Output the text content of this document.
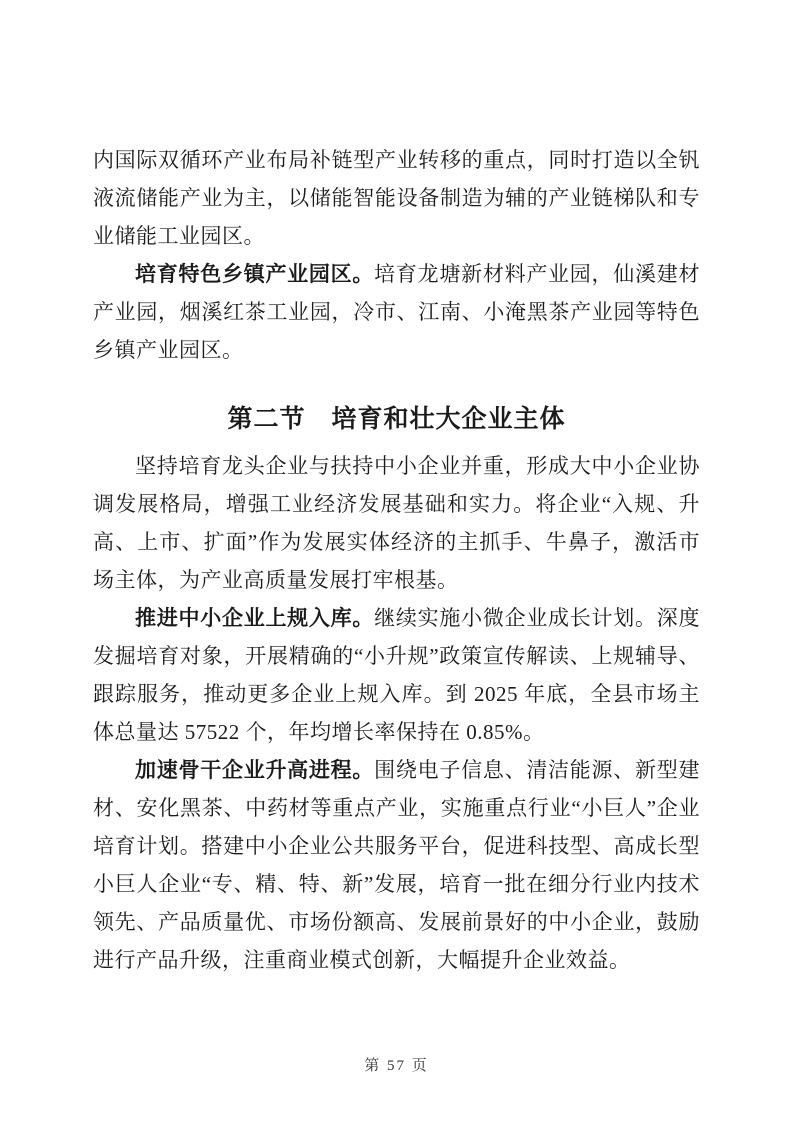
内国际双循环产业布局补链型产业转移的重点，同时打造以全钒液流储能产业为主，以储能智能设备制造为辅的产业链梯队和专业储能工业园区。

培育特色乡镇产业园区。培育龙塘新材料产业园，仙溪建材产业园，烟溪红茶工业园，冷市、江南、小淹黑茶产业园等特色乡镇产业园区。

第二节　培育和壮大企业主体

坚持培育龙头企业与扶持中小企业并重，形成大中小企业协调发展格局，增强工业经济发展基础和实力。将企业“入规、升高、上市、扩面”作为发展实体经济的主抓手、牛鼻子，激活市场主体，为产业高质量发展打牢根基。

推进中小企业上规入库。继续实施小微企业成长计划。深度发掘培育对象，开展精确的“小升规”政策宣传解读、上规辅导、跟踪服务，推动更多企业上规入库。到 2025 年底，全县市场主体总量达 57522 个，年均增长率保持在 0.85%。

加速骨干企业升高进程。围绕电子信息、清洁能源、新型建材、安化黑茶、中药材等重点产业，实施重点行业“小巨人”企业培育计划。搭建中小企业公共服务平台，促进科技型、高成长型小巨人企业“专、精、特、新”发展，培育一批在细分行业内技术领先、产品质量优、市场份额高、发展前景好的中小企业，鼓励进行产品升级，注重商业模式创新，大幅提升企业效益。

第 57 页
